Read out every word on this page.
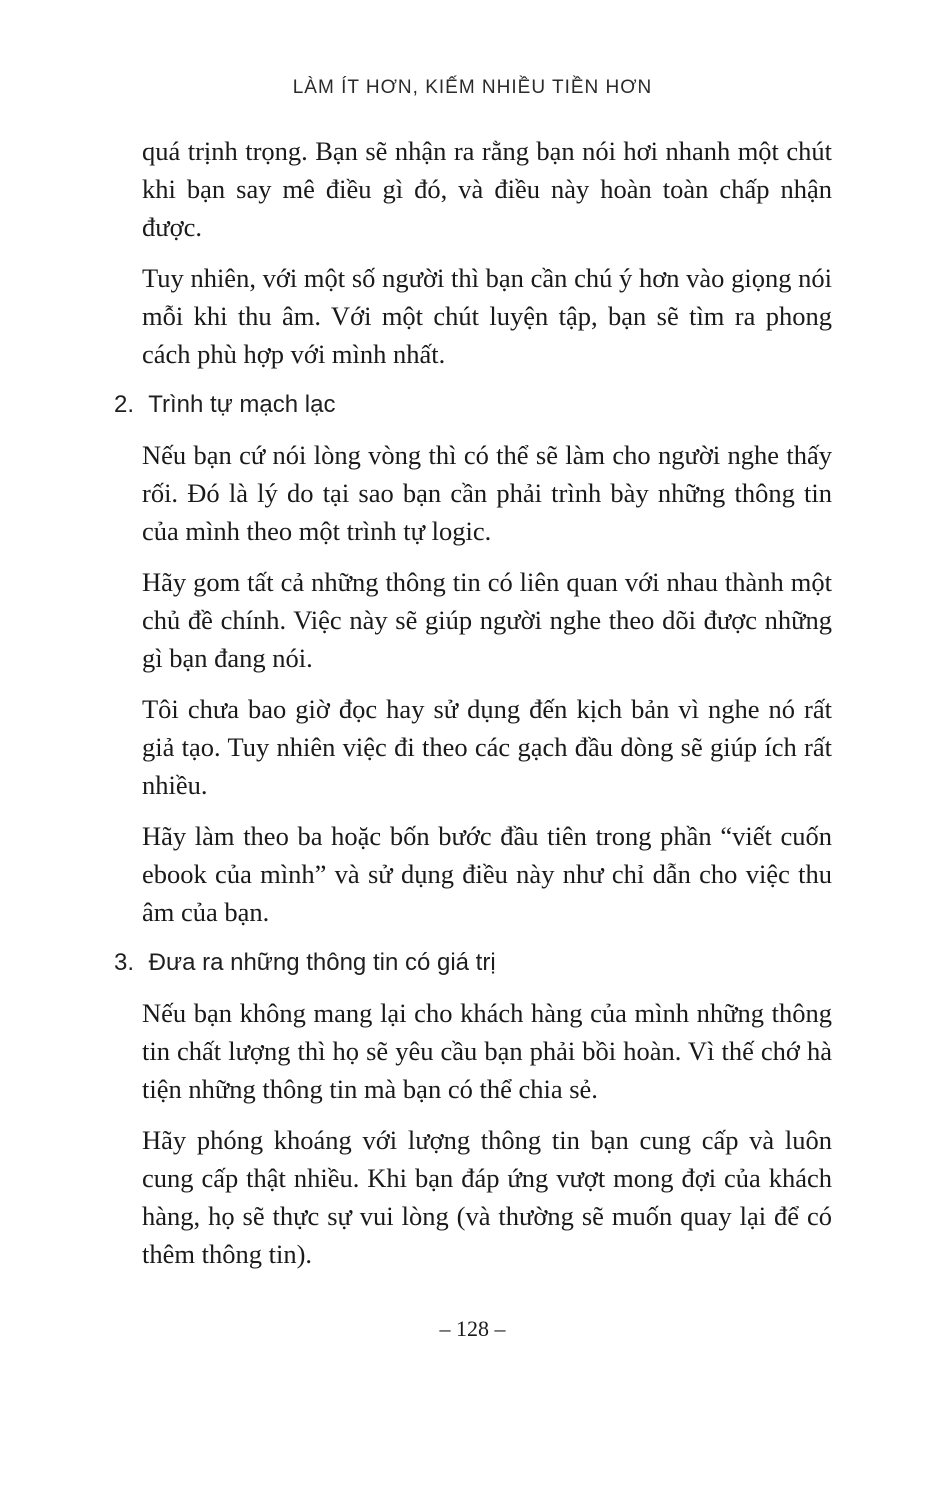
LÀM ÍT HƠN, KIẾM NHIỀU TIỀN HƠN

quá trịnh trọng. Bạn sẽ nhận ra rằng bạn nói hơi nhanh một chút khi bạn say mê điều gì đó, và điều này hoàn toàn chấp nhận được.

Tuy nhiên, với một số người thì bạn cần chú ý hơn vào giọng nói mỗi khi thu âm. Với một chút luyện tập, bạn sẽ tìm ra phong cách phù hợp với mình nhất.

2. Trình tự mạch lạc

Nếu bạn cứ nói lòng vòng thì có thể sẽ làm cho người nghe thấy rối. Đó là lý do tại sao bạn cần phải trình bày những thông tin của mình theo một trình tự logic.

Hãy gom tất cả những thông tin có liên quan với nhau thành một chủ đề chính. Việc này sẽ giúp người nghe theo dõi được những gì bạn đang nói.

Tôi chưa bao giờ đọc hay sử dụng đến kịch bản vì nghe nó rất giả tạo. Tuy nhiên việc đi theo các gạch đầu dòng sẽ giúp ích rất nhiều.

Hãy làm theo ba hoặc bốn bước đầu tiên trong phần “viết cuốn ebook của mình” và sử dụng điều này như chỉ dẫn cho việc thu âm của bạn.

3. Đưa ra những thông tin có giá trị

Nếu bạn không mang lại cho khách hàng của mình những thông tin chất lượng thì họ sẽ yêu cầu bạn phải bồi hoàn. Vì thế chớ hà tiện những thông tin mà bạn có thể chia sẻ.

Hãy phóng khoáng với lượng thông tin bạn cung cấp và luôn cung cấp thật nhiều. Khi bạn đáp ứng vượt mong đợi của khách hàng, họ sẽ thực sự vui lòng (và thường sẽ muốn quay lại để có thêm thông tin).

– 128 –
